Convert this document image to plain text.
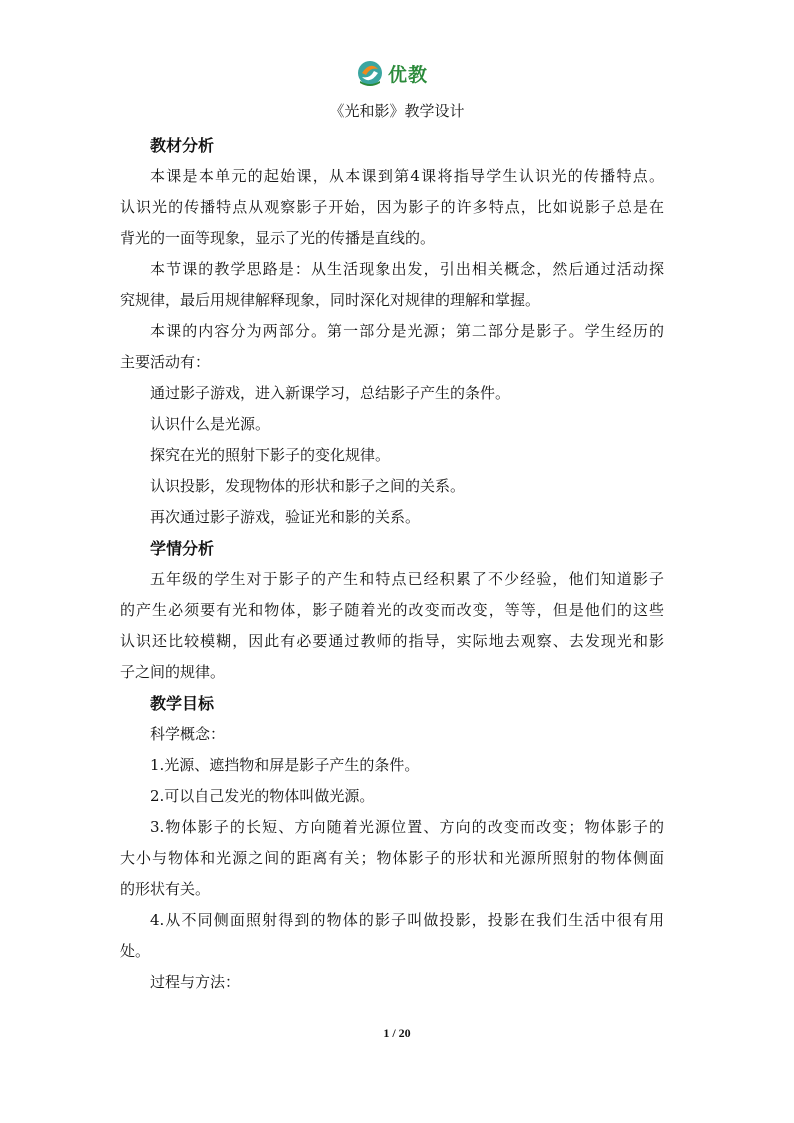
优教
《光和影》教学设计
教材分析
本课是本单元的起始课，从本课到第4课将指导学生认识光的传播特点。
认识光的传播特点从观察影子开始，因为影子的许多特点，比如说影子总是在
背光的一面等现象，显示了光的传播是直线的。
本节课的教学思路是：从生活现象出发，引出相关概念，然后通过活动探
究规律，最后用规律解释现象，同时深化对规律的理解和掌握。
本课的内容分为两部分。第一部分是光源；第二部分是影子。学生经历的
主要活动有：
通过影子游戏，进入新课学习，总结影子产生的条件。
认识什么是光源。
探究在光的照射下影子的变化规律。
认识投影，发现物体的形状和影子之间的关系。
再次通过影子游戏，验证光和影的关系。
学情分析
五年级的学生对于影子的产生和特点已经积累了不少经验，他们知道影子
的产生必须要有光和物体，影子随着光的改变而改变，等等，但是他们的这些
认识还比较模糊，因此有必要通过教师的指导，实际地去观察、去发现光和影
子之间的规律。
教学目标
科学概念：
1.光源、遮挡物和屏是影子产生的条件。
2.可以自己发光的物体叫做光源。
3.物体影子的长短、方向随着光源位置、方向的改变而改变；物体影子的
大小与物体和光源之间的距离有关；物体影子的形状和光源所照射的物体侧面
的形状有关。
4.从不同侧面照射得到的物体的影子叫做投影，投影在我们生活中很有用
处。
过程与方法：
1 / 20
